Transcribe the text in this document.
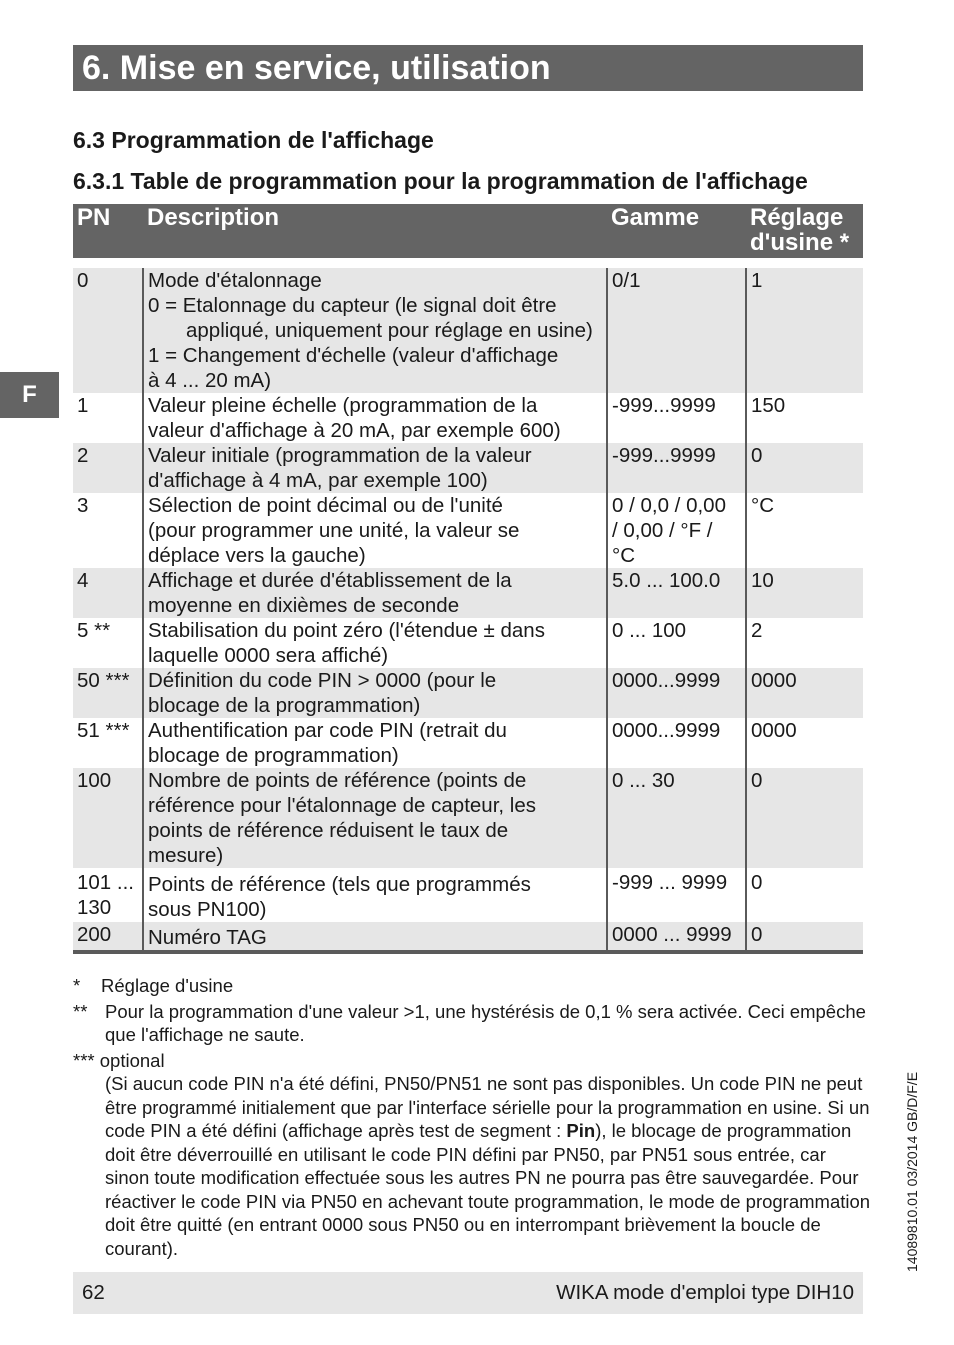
6. Mise en service, utilisation
6.3 Programmation de l'affichage
6.3.1 Table de programmation pour la programmation de l'affichage
F
PN	Description	Gamme	Réglage
d'usine *

0	Mode d'étalonnage
0 = Etalonnage du capteur (le signal doit être

appliqué, uniquement pour réglage en usine)
1 = Changement d'échelle (valeur d'affichage
à 4 ... 20 mA)	0/1	1
1	Valeur pleine échelle (programmation de la
valeur d'affichage à 20 mA, par exemple 600)	-999...9999	150
2	Valeur initiale (programmation de la valeur
d'affichage à 4 mA, par exemple 100)	-999...9999	0
3	Sélection de point décimal ou de l'unité
(pour programmer une unité, la valeur se
déplace vers la gauche)	0 / 0,0 / 0,00
/ 0,00 / °F /
°C	°C
4	Affichage et durée d'établissement de la
moyenne en dixièmes de seconde	5.0 ... 100.0	10
5 **	Stabilisation du point zéro (l'étendue ± dans
laquelle 0000 sera affiché)	0 ... 100	2
50 ***	Définition du code PIN > 0000 (pour le
blocage de la programmation)	0000...9999	0000
51 ***	Authentification par code PIN (retrait du
blocage de programmation)	0000...9999	0000
100	Nombre de points de référence (points de
référence pour l'étalonnage de capteur, les
points de référence réduisent le taux de
mesure)	0 ... 30	0
101 ...
130	Points de référence (tels que programmés
sous PN100)	-999 ... 9999	0
200	Numéro TAG	0000 ... 9999	0
* Réglage d'usine
** Pour la programmation d'une valeur >1, une hystérésis de 0,1 % sera activée. Ceci empêche que l'affichage ne saute.
*** optional
(Si aucun code PIN n'a été défini, PN50/PN51 ne sont pas disponibles. Un code PIN ne peut être programmé initialement que par l'interface sérielle pour la programmation en usine. Si un code PIN a été défini (affichage après test de segment : Pin), le blocage de programmation doit être déverrouillé en utilisant le code PIN défini par PN50, par PN51 sous entrée, car sinon toute modification effectuée sous les autres PN ne pourra pas être sauvegardée. Pour réactiver le code PIN via PN50 en achevant toute programmation, le mode de programmation doit être quitté (en entrant 0000 sous PN50 ou en interrompant brièvement la boucle de courant).
62	WIKA mode d'emploi type DIH10
14089810.01 03/2014 GB/D/F/E
